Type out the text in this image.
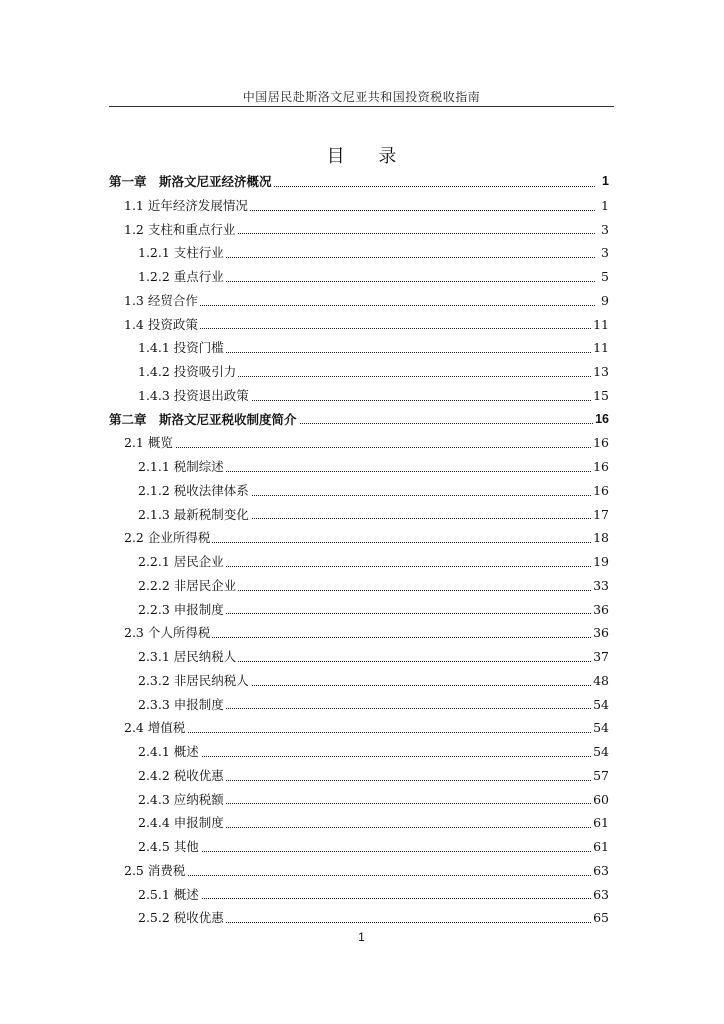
中国居民赴斯洛文尼亚共和国投资税收指南
目 录
第一章　斯洛文尼亚经济概况	1
1.1 近年经济发展情况	1
1.2 支柱和重点行业	3
1.2.1 支柱行业	3
1.2.2 重点行业	5
1.3 经贸合作	9
1.4 投资政策	11
1.4.1 投资门槛	11
1.4.2 投资吸引力	13
1.4.3 投资退出政策	15
第二章　斯洛文尼亚税收制度简介	16
2.1 概览	16
2.1.1 税制综述	16
2.1.2 税收法律体系	16
2.1.3 最新税制变化	17
2.2 企业所得税	18
2.2.1 居民企业	19
2.2.2 非居民企业	33
2.2.3 申报制度	36
2.3 个人所得税	36
2.3.1 居民纳税人	37
2.3.2 非居民纳税人	48
2.3.3 申报制度	54
2.4 增值税	54
2.4.1 概述	54
2.4.2 税收优惠	57
2.4.3 应纳税额	60
2.4.4 申报制度	61
2.4.5 其他	61
2.5 消费税	63
2.5.1 概述	63
2.5.2 税收优惠	65
1
